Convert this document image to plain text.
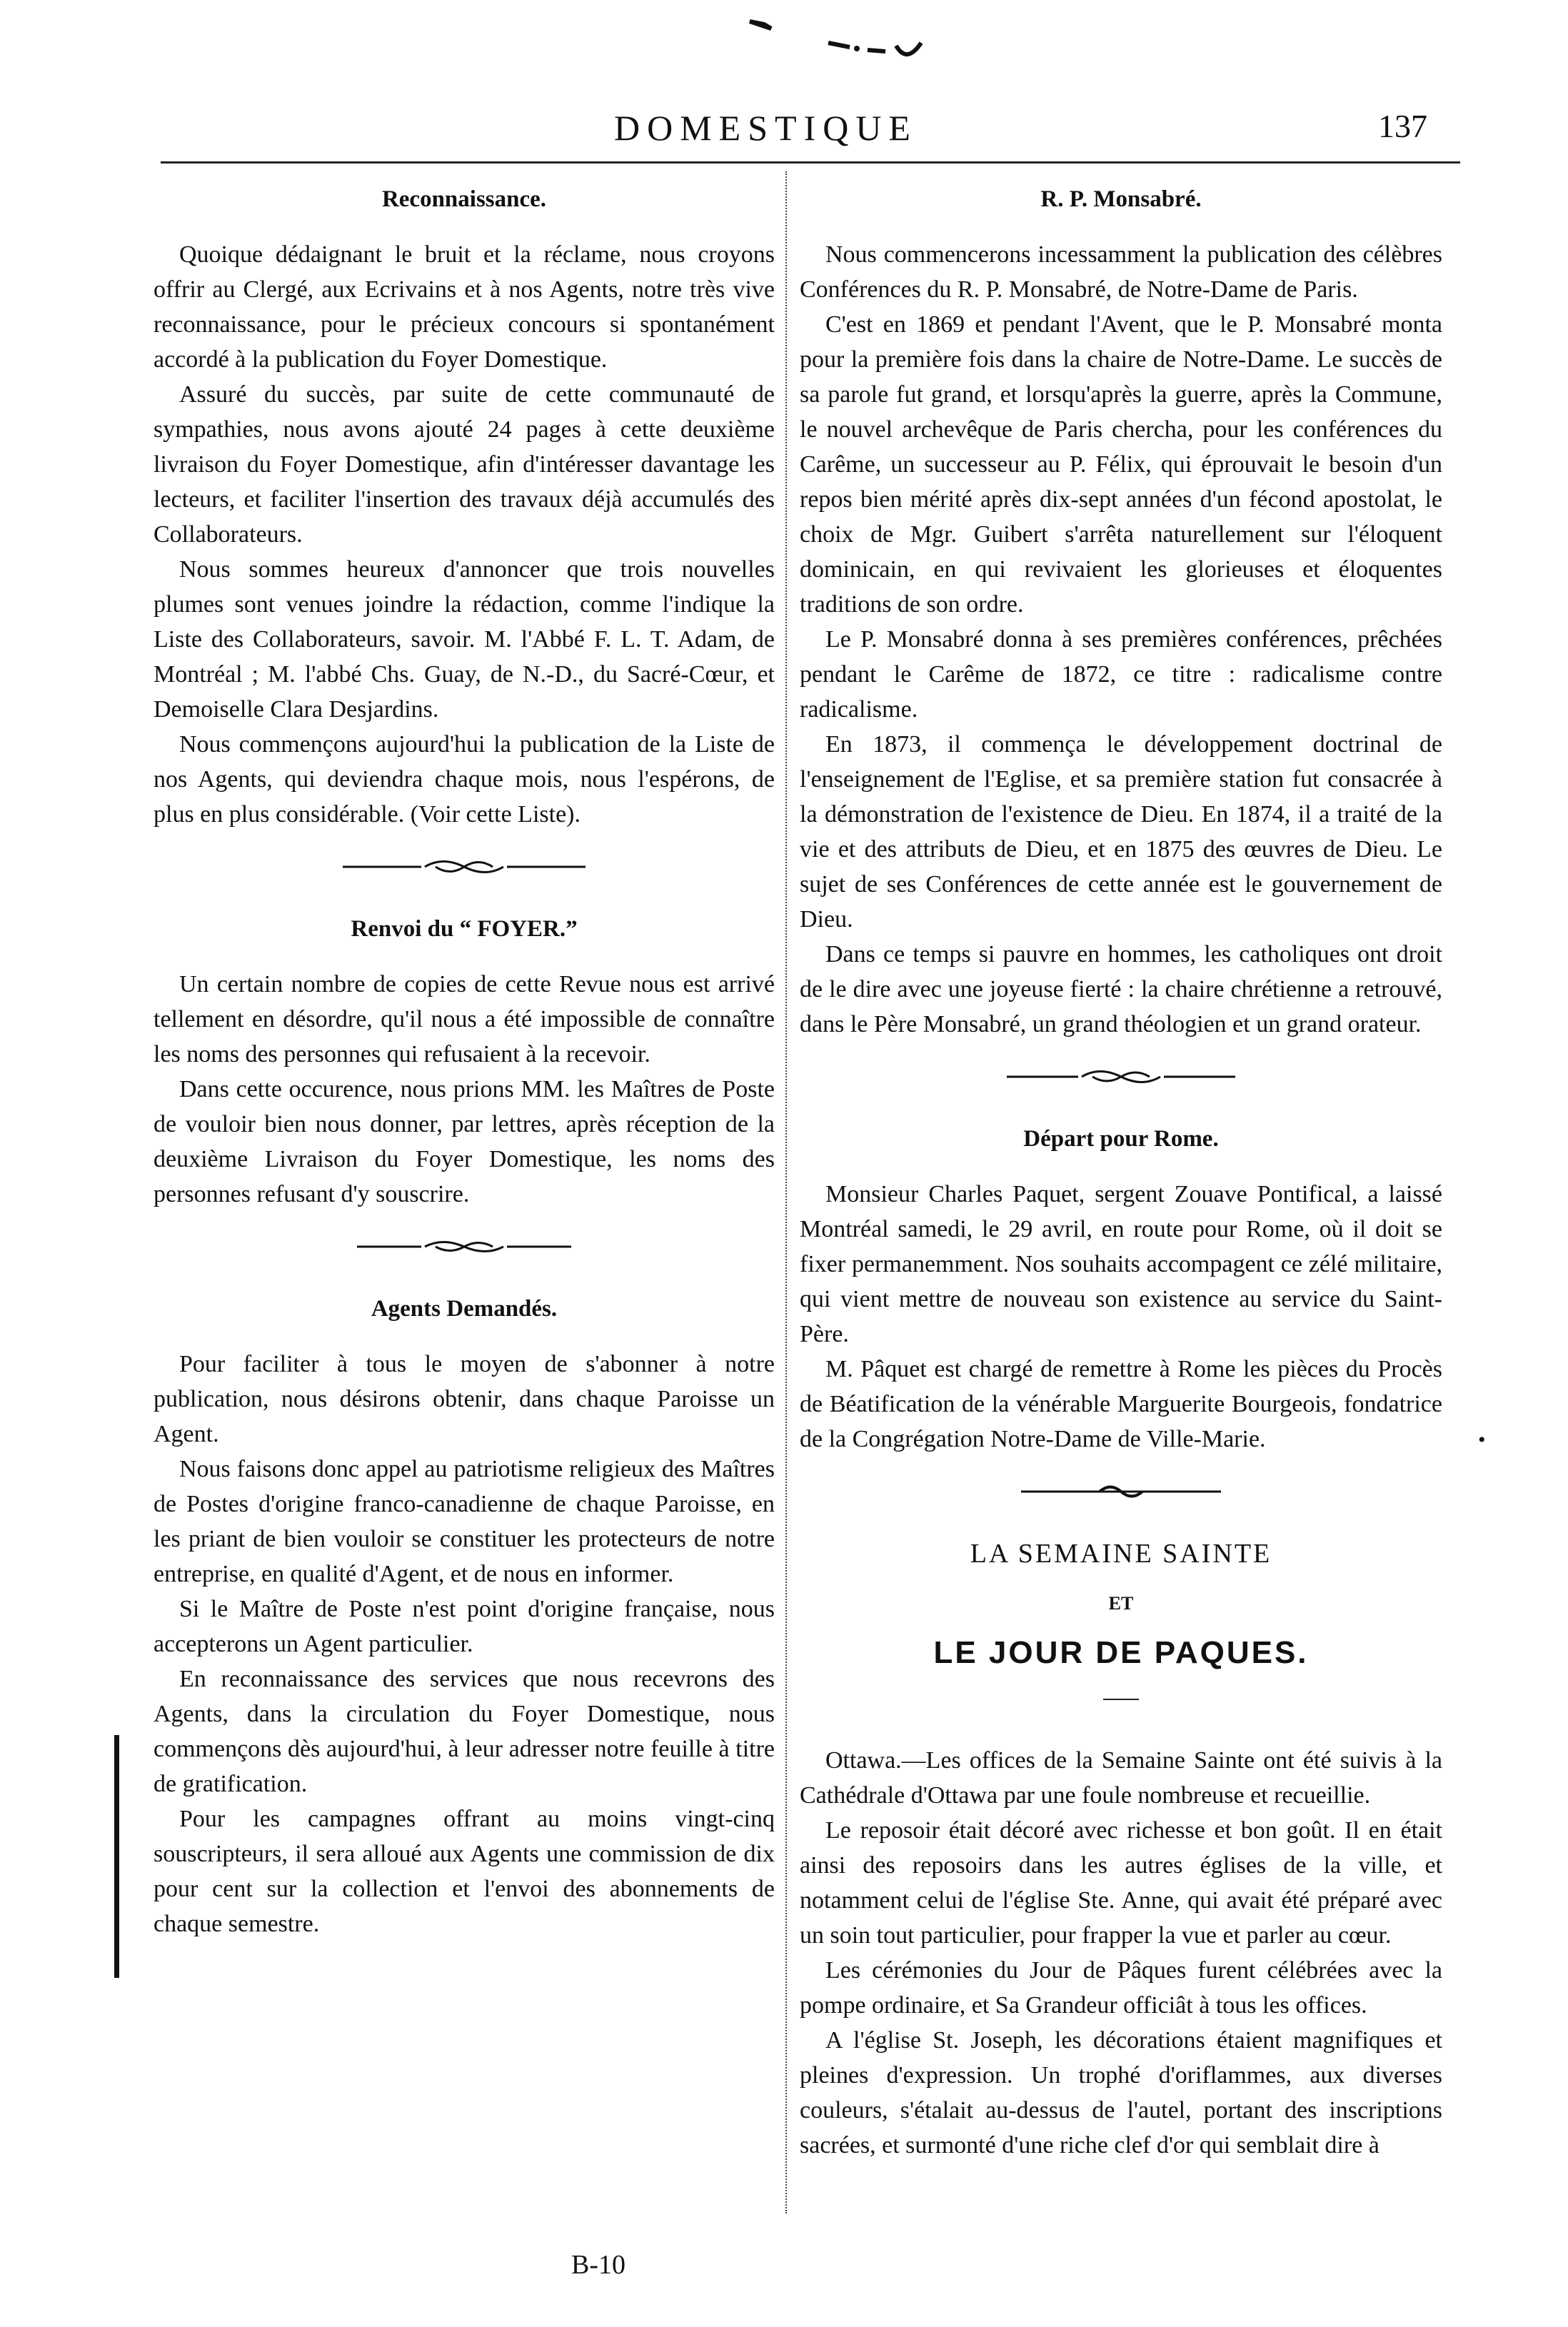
DOMESTIQUE	137
•
Reconnaissance.

Quoique dédaignant le bruit et la réclame, nous croyons offrir au Clergé, aux Ecrivains et à nos Agents, notre très vive reconnaissance, pour le précieux concours si spontanément accordé à la publication du Foyer Domestique.

Assuré du succès, par suite de cette communauté de sympathies, nous avons ajouté 24 pages à cette deuxième livraison du Foyer Domestique, afin d'intéresser davantage les lecteurs, et faciliter l'insertion des travaux déjà accumulés des Collaborateurs.

Nous sommes heureux d'annoncer que trois nouvelles plumes sont venues joindre la rédaction, comme l'indique la Liste des Collaborateurs, savoir. M. l'Abbé F. L. T. Adam, de Montréal ; M. l'abbé Chs. Guay, de N.-D., du Sacré-Cœur, et Demoiselle Clara Desjardins.

Nous commençons aujourd'hui la publication de la Liste de nos Agents, qui deviendra chaque mois, nous l'espérons, de plus en plus considérable. (Voir cette Liste).

Renvoi du “ FOYER.”

Un certain nombre de copies de cette Revue nous est arrivé tellement en désordre, qu'il nous a été impossible de connaître les noms des personnes qui refusaient à la recevoir.

Dans cette occurence, nous prions MM. les Maîtres de Poste de vouloir bien nous donner, par lettres, après réception de la deuxième Livraison du Foyer Domestique, les noms des personnes refusant d'y souscrire.

Agents Demandés.

Pour faciliter à tous le moyen de s'abonner à notre publication, nous désirons obtenir, dans chaque Paroisse un Agent.

Nous faisons donc appel au patriotisme religieux des Maîtres de Postes d'origine franco-canadienne de chaque Paroisse, en les priant de bien vouloir se constituer les protecteurs de notre entreprise, en qualité d'Agent, et de nous en informer.

Si le Maître de Poste n'est point d'origine française, nous accepterons un Agent particulier.

En reconnaissance des services que nous recevrons des Agents, dans la circulation du Foyer Domestique, nous commençons dès aujourd'hui, à leur adresser notre feuille à titre de gratification.

Pour les campagnes offrant au moins vingt-cinq souscripteurs, il sera alloué aux Agents une commission de dix pour cent sur la collection et l'envoi des abonnements de chaque semestre.

R. P. Monsabré.

Nous commencerons incessamment la publication des célèbres Conférences du R. P. Monsabré, de Notre-Dame de Paris.

C'est en 1869 et pendant l'Avent, que le P. Monsabré monta pour la première fois dans la chaire de Notre-Dame. Le succès de sa parole fut grand, et lorsqu'après la guerre, après la Commune, le nouvel archevêque de Paris chercha, pour les conférences du Carême, un successeur au P. Félix, qui éprouvait le besoin d'un repos bien mérité après dix-sept années d'un fécond apostolat, le choix de Mgr. Guibert s'arrêta naturellement sur l'éloquent dominicain, en qui revivaient les glorieuses et éloquentes traditions de son ordre.

Le P. Monsabré donna à ses premières conférences, prêchées pendant le Carême de 1872, ce titre : radicalisme contre radicalisme.

En 1873, il commença le développement doctrinal de l'enseignement de l'Eglise, et sa première station fut consacrée à la démonstration de l'existence de Dieu. En 1874, il a traité de la vie et des attributs de Dieu, et en 1875 des œuvres de Dieu. Le sujet de ses Conférences de cette année est le gouvernement de Dieu.

Dans ce temps si pauvre en hommes, les catholiques ont droit de le dire avec une joyeuse fierté : la chaire chrétienne a retrouvé, dans le Père Monsabré, un grand théologien et un grand orateur.

Départ pour Rome.

Monsieur Charles Paquet, sergent Zouave Pontifical, a laissé Montréal samedi, le 29 avril, en route pour Rome, où il doit se fixer permanemment. Nos souhaits accompagent ce zélé militaire, qui vient mettre de nouveau son existence au service du Saint-Père.

M. Pâquet est chargé de remettre à Rome les pièces du Procès de Béatification de la vénérable Marguerite Bourgeois, fondatrice de la Congrégation Notre-Dame de Ville-Marie.

LA SEMAINE SAINTE
ET
LE JOUR DE PAQUES.

Ottawa.—Les offices de la Semaine Sainte ont été suivis à la Cathédrale d'Ottawa par une foule nombreuse et recueillie.

Le reposoir était décoré avec richesse et bon goût. Il en était ainsi des reposoirs dans les autres églises de la ville, et notamment celui de l'église Ste. Anne, qui avait été préparé avec un soin tout particulier, pour frapper la vue et parler au cœur.

Les cérémonies du Jour de Pâques furent célébrées avec la pompe ordinaire, et Sa Grandeur officiât à tous les offices.

A l'église St. Joseph, les décorations étaient magnifiques et pleines d'expression. Un trophé d'oriflammes, aux diverses couleurs, s'étalait au-dessus de l'autel, portant des inscriptions sacrées, et surmonté d'une riche clef d'or qui semblait dire à

B-10
